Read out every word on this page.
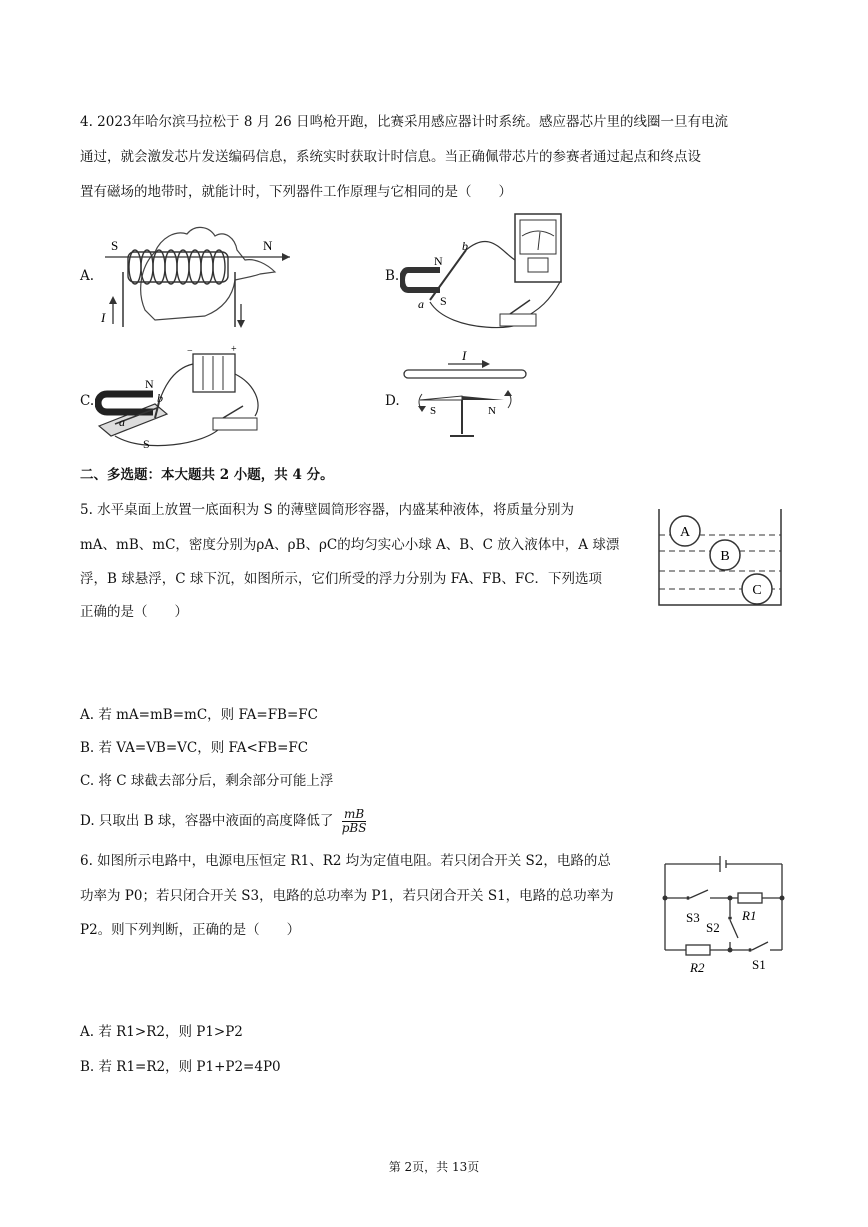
4. 2023年哈尔滨马拉松于 8 月 26 日鸣枪开跑，比赛采用感应器计时系统。感应器芯片里的线圈一旦有电流
通过，就会激发芯片发送编码信息，系统实时获取计时信息。当正确佩带芯片的参赛者通过起点和终点设
置有磁场的地带时，就能计时，下列器件工作原理与它相同的是（　　）
A.
S	N
I
B.
N
S
a
b
C.
−	+
N
S
a
b	D.
I
S	N
二、多选题：本大题共 2 小题，共 4 分。
5. 水平桌面上放置一底面积为 S 的薄壁圆筒形容器，内盛某种液体，将质量分别为
mA、mB、mC，密度分别为ρA、ρB、ρC的均匀实心小球 A、B、C 放入液体中，A 球漂
浮，B 球悬浮，C 球下沉，如图所示，它们所受的浮力分别为 FA、FB、FC．下列选项
正确的是（　　）
A
B
C
A. 若 mA=mB=mC，则 FA=FB=FC
B. 若 VA=VB=VC，则 FA<FB=FC
C. 将 C 球截去部分后，剩余部分可能上浮
D. 只取出 B 球，容器中液面的高度降低了 $\frac{mB}{\text{pBS}}$
6. 如图所示电路中，电源电压恒定 R1、R2 均为定值电阻。若只闭合开关 S2，电路的总
功率为 P0；若只闭合开关 S3，电路的总功率为 P1，若只闭合开关 S1，电路的总功率为
P2。则下列判断，正确的是（　　）
S3
S2
R1
R2	S1
A. 若 R1>R2，则 P1>P2
B. 若 R1=R2，则 P1+P2=4P0
第 2页，共 13页
